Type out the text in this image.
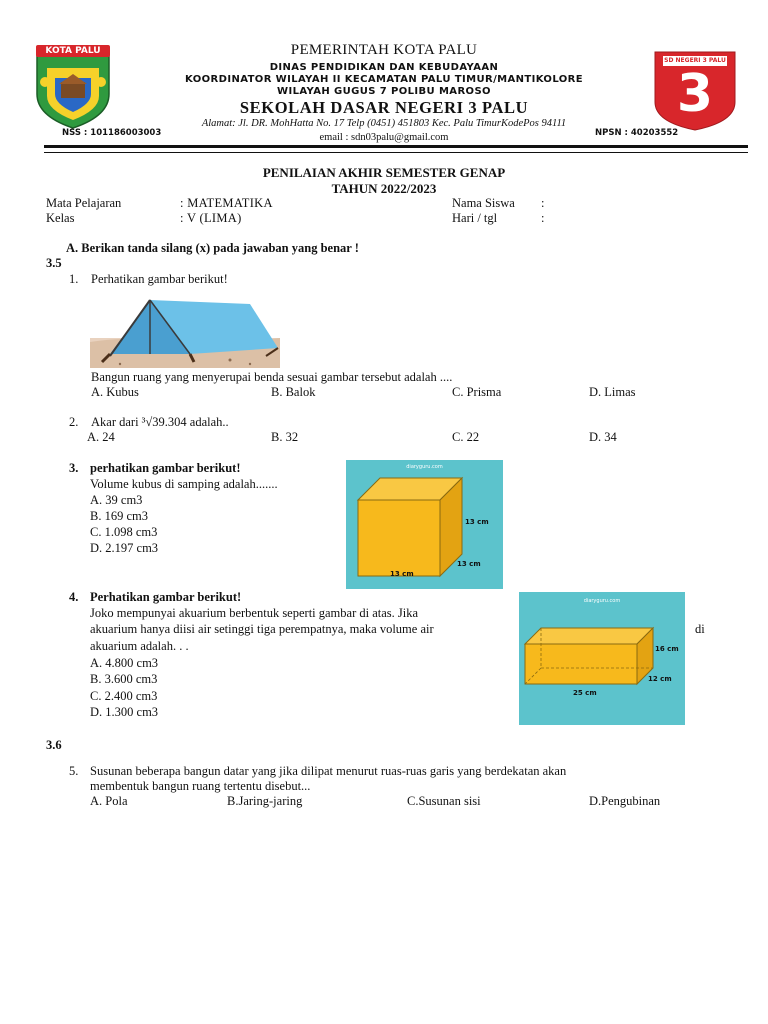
KOTA PALU
SD NEGERI 3 PALU
3
PEMERINTAH KOTA PALU
DINAS PENDIDIKAN DAN KEBUDAYAAN
KOORDINATOR WILAYAH II KECAMATAN PALU TIMUR/MANTIKOLORE
WILAYAH GUGUS 7 POLIBU MAROSO
SEKOLAH DASAR NEGERI 3 PALU
Alamat: Jl. DR. MohHatta No. 17 Telp (0451) 451803 Kec. Palu TimurKodePos 94111
email : sdn03palu@gmail.com
NSS : 101186003003	NPSN : 40203552
PENILAIAN AKHIR SEMESTER GENAP
TAHUN 2022/2023
Mata Pelajaran	: MATEMATIKA	Nama Siswa :
Kelas	: V (LIMA)	Hari / tgl	:
A. Berikan tanda silang (x) pada jawaban yang benar !
3.5
1. Perhatikan gambar berikut!
Bangun ruang yang menyerupai benda sesuai gambar tersebut adalah ....
A. Kubus	B. Balok	C. Prisma	D. Limas
2. Akar dari ³√39.304 adalah..
A. 24	B. 32	C. 22	D. 34
3. perhatikan gambar berikut!
Volume kubus di samping adalah.......
A. 39 cm3
B. 169 cm3
C. 1.098 cm3
D. 2.197 cm3
diaryguru.com
13 cm
13 cm
13 cm
4. Perhatikan gambar berikut!
Joko mempunyai akuarium berbentuk seperti gambar di atas. Jika
akuarium hanya diisi air setinggi tiga perempatnya, maka volume air	di
akuarium adalah. . .
A. 4.800 cm3
B. 3.600 cm3
C. 2.400 cm3
D. 1.300 cm3
diaryguru.com
16 cm
12 cm
25 cm
3.6
5. Susunan beberapa bangun datar yang jika dilipat menurut ruas-ruas garis yang berdekatan akan
membentuk bangun ruang tertentu disebut...
A. Pola	B.Jaring-jaring	C.Susunan sisi	D.Pengubinan
